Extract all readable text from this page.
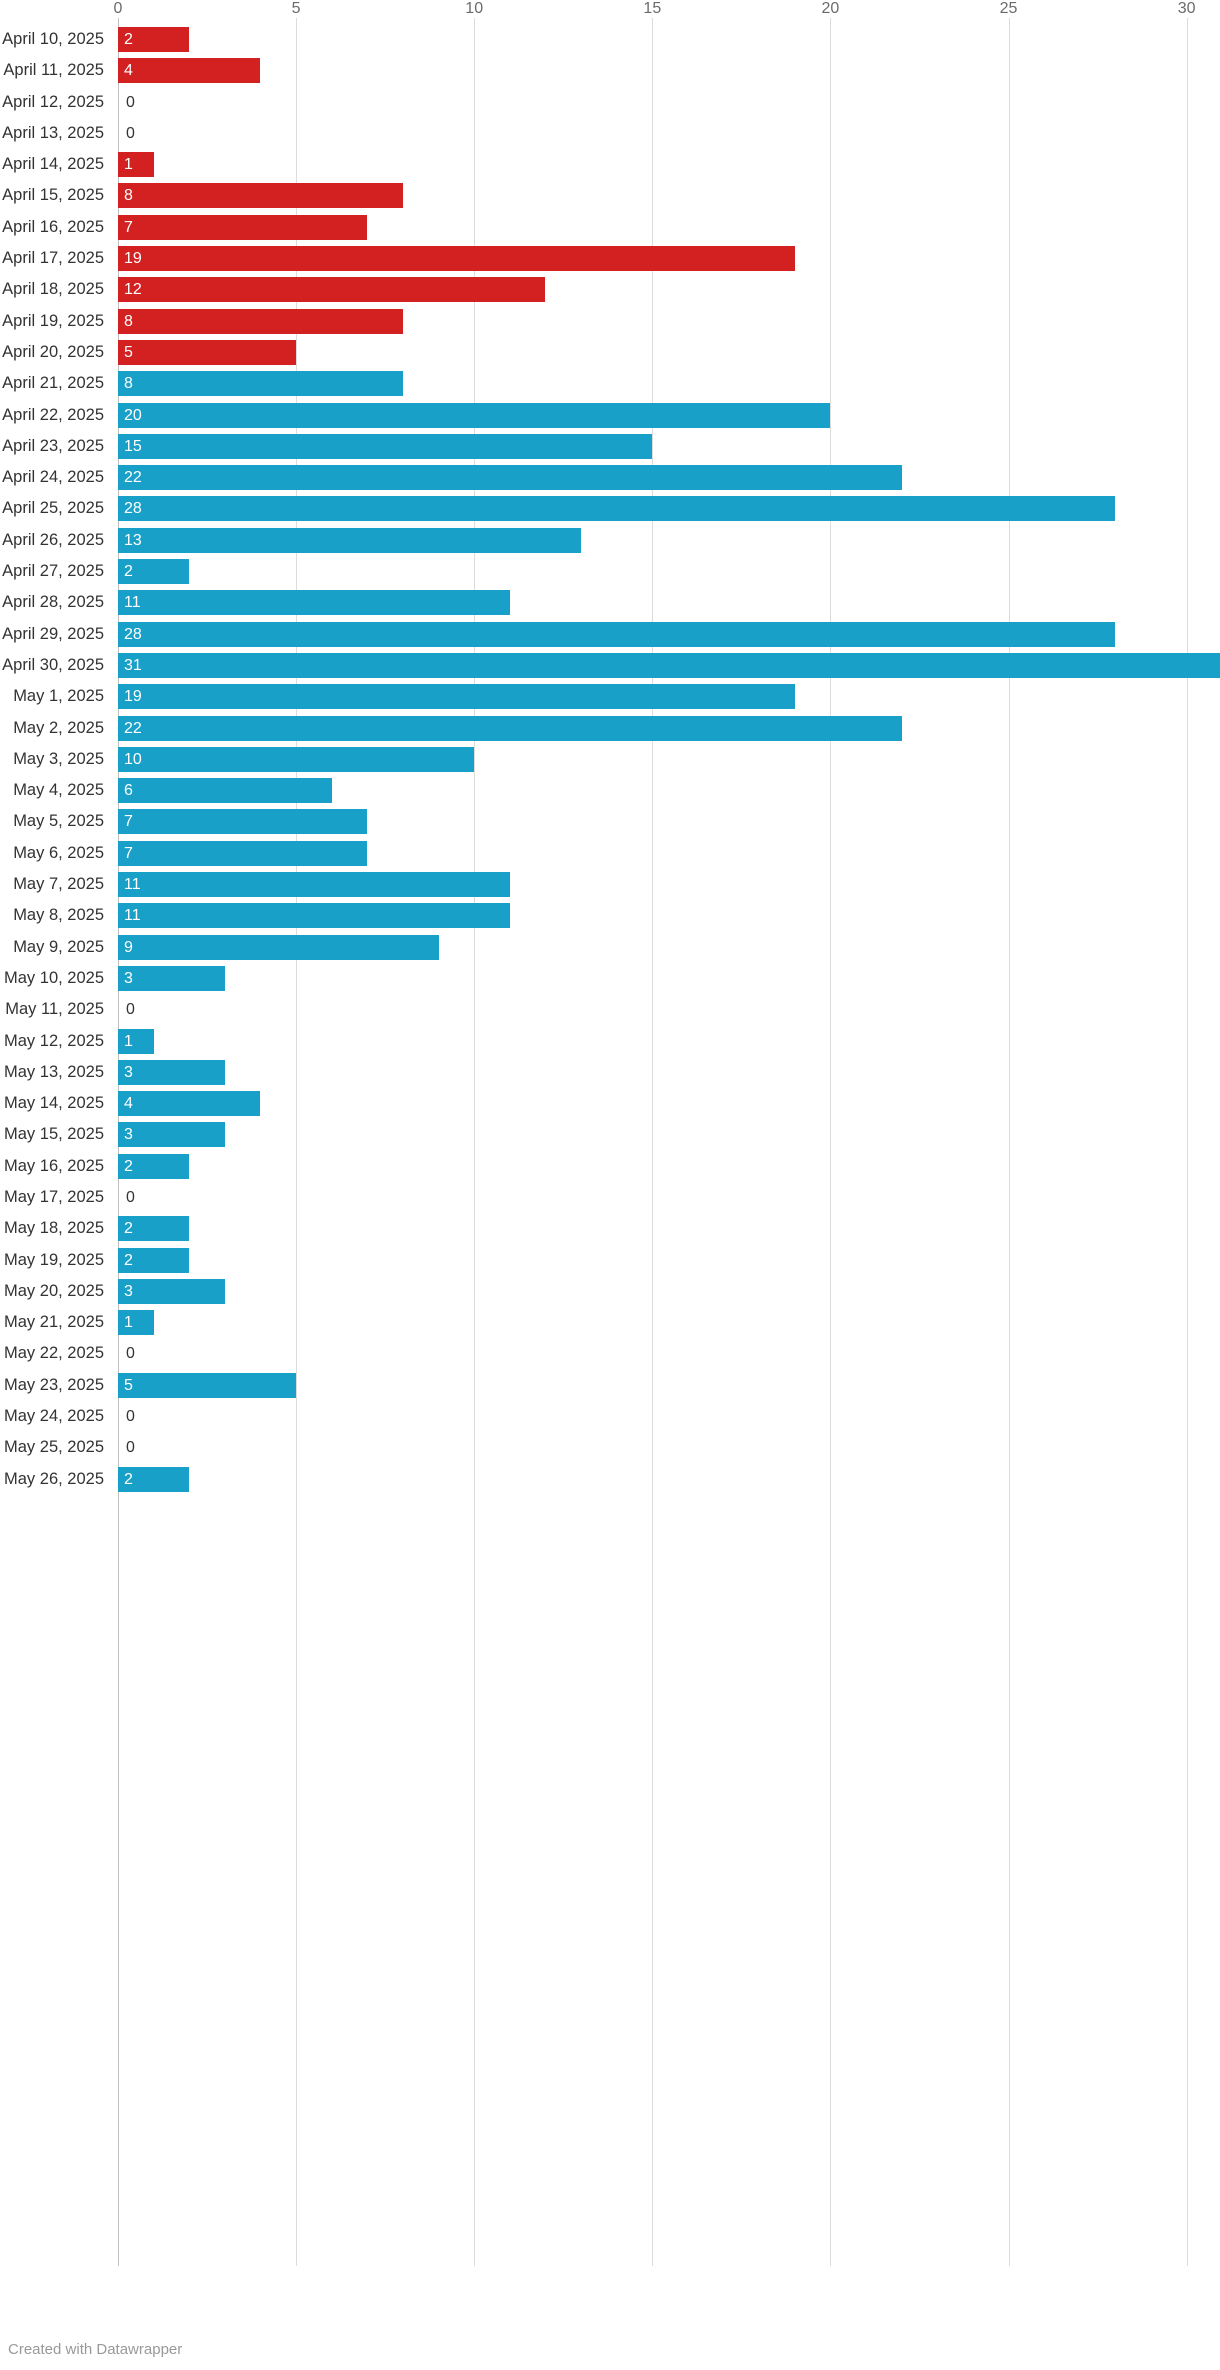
0	5	10	15	20	25	30
April 10, 2025 2
April 11, 2025 4
April 12, 2025 0
April 13, 2025 0
April 14, 2025 1
April 15, 2025 8
April 16, 2025 7
April 17, 2025 19
April 18, 2025 12
April 19, 2025 8
April 20, 2025 5
April 21, 2025 8
April 22, 2025 20
April 23, 2025 15
April 24, 2025 22
April 25, 2025 28
April 26, 2025 13
April 27, 2025 2
April 28, 2025 11
April 29, 2025 28
April 30, 2025 31
May 1, 2025 19
May 2, 2025 22
May 3, 2025 10
May 4, 2025 6
May 5, 2025 7
May 6, 2025 7
May 7, 2025 11
May 8, 2025 11
May 9, 2025 9
May 10, 2025 3
May 11, 2025 0
May 12, 2025 1
May 13, 2025 3
May 14, 2025 4
May 15, 2025 3
May 16, 2025 2
May 17, 2025 0
May 18, 2025 2
May 19, 2025 2
May 20, 2025 3
May 21, 2025 1
May 22, 2025 0
May 23, 2025 5
May 24, 2025 0
May 25, 2025 0
May 26, 2025 2
Created with Datawrapper
